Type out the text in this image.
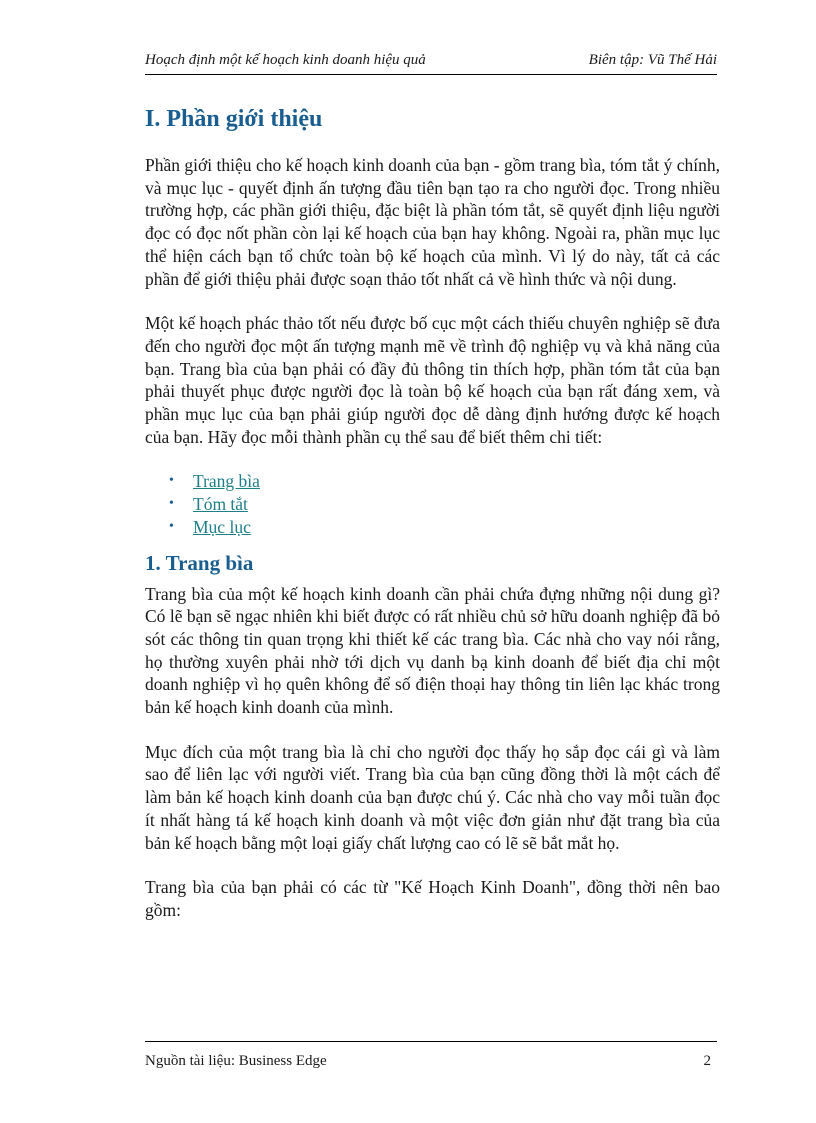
Hoạch định một kế hoạch kinh doanh hiệu quả	Biên tập: Vũ Thế Hải
I. Phần giới thiệu

Phần giới thiệu cho kế hoạch kinh doanh của bạn - gồm trang bìa, tóm tắt ý chính, và mục lục - quyết định ấn tượng đầu tiên bạn tạo ra cho người đọc. Trong nhiều trường hợp, các phần giới thiệu, đặc biệt là phần tóm tắt, sẽ quyết định liệu người đọc có đọc nốt phần còn lại kế hoạch của bạn hay không. Ngoài ra, phần mục lục thể hiện cách bạn tổ chức toàn bộ kế hoạch của mình. Vì lý do này, tất cả các phần để giới thiệu phải được soạn thảo tốt nhất cả về hình thức và nội dung.

Một kế hoạch phác thảo tốt nếu được bố cục một cách thiếu chuyên nghiệp sẽ đưa đến cho người đọc một ấn tượng mạnh mẽ về trình độ nghiệp vụ và khả năng của bạn. Trang bìa của bạn phải có đầy đủ thông tin thích hợp, phần tóm tắt của bạn phải thuyết phục được người đọc là toàn bộ kế hoạch của bạn rất đáng xem, và phần mục lục của bạn phải giúp người đọc dễ dàng định hướng được kế hoạch của bạn. Hãy đọc mỗi thành phần cụ thể sau để biết thêm chi tiết:

• Trang bìa
• Tóm tắt
• Mục lục
1. Trang bìa

Trang bìa của một kế hoạch kinh doanh cần phải chứa đựng những nội dung gì? Có lẽ bạn sẽ ngạc nhiên khi biết được có rất nhiều chủ sở hữu doanh nghiệp đã bỏ sót các thông tin quan trọng khi thiết kế các trang bìa. Các nhà cho vay nói rằng, họ thường xuyên phải nhờ tới dịch vụ danh bạ kinh doanh để biết địa chỉ một doanh nghiệp vì họ quên không để số điện thoại hay thông tin liên lạc khác trong bản kế hoạch kinh doanh của mình.

Mục đích của một trang bìa là chỉ cho người đọc thấy họ sắp đọc cái gì và làm sao để liên lạc với người viết. Trang bìa của bạn cũng đồng thời là một cách để làm bản kế hoạch kinh doanh của bạn được chú ý. Các nhà cho vay mỗi tuần đọc ít nhất hàng tá kế hoạch kinh doanh và một việc đơn giản như đặt trang bìa của bản kế hoạch bằng một loại giấy chất lượng cao có lẽ sẽ bắt mắt họ.

Trang bìa của bạn phải có các từ "Kế Hoạch Kinh Doanh", đồng thời nên bao gồm:

Nguồn tài liệu: Business Edge	2
